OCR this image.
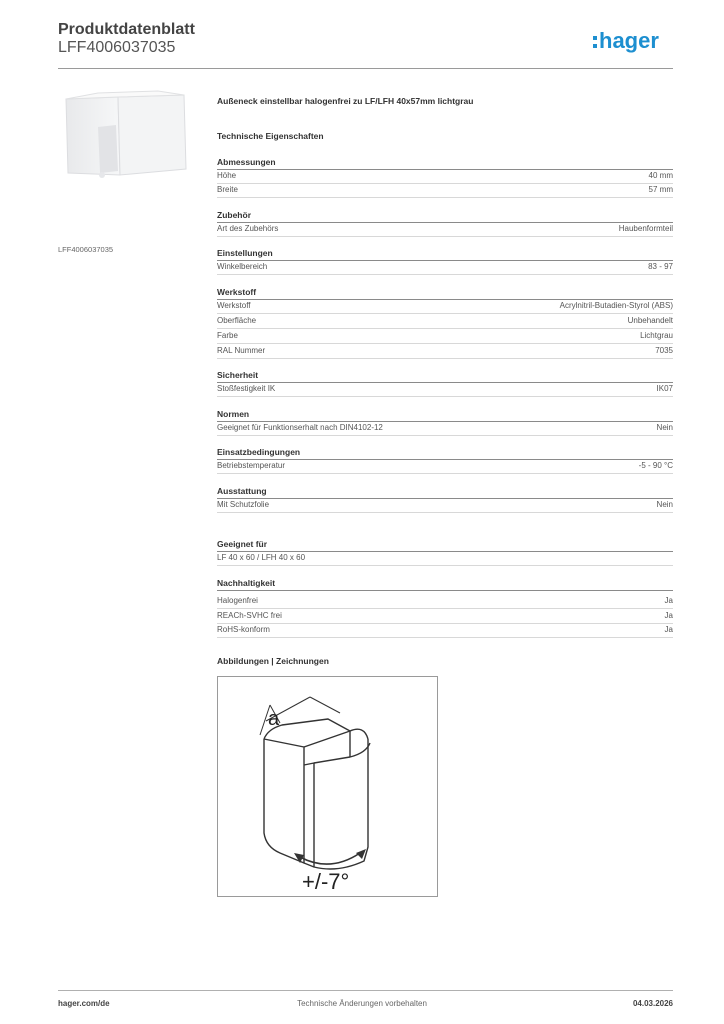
Produktdatenblatt
LFF4006037035	hager
LFF4006037035
Außeneck einstellbar halogenfrei zu LF/LFH 40x57mm lichtgrau
Technische Eigenschaften
Abmessungen
Höhe	40 mm
Breite	57 mm
Zubehör
Art des Zubehörs	Haubenformteil
Einstellungen
Winkelbereich	83 - 97
Werkstoff
Werkstoff	Acrylnitril-Butadien-Styrol (ABS)
Oberfläche	Unbehandelt
Farbe	Lichtgrau
RAL Nummer	7035
Sicherheit
Stoßfestigkeit IK	IK07
Normen
Geeignet für Funktionserhalt nach DIN4102-12	Nein
Einsatzbedingungen
Betriebstemperatur	-5 - 90 °C
Ausstattung
Mit Schutzfolie	Nein
Geeignet für
LF 40 x 60 / LFH 40 x 60
Nachhaltigkeit
Halogenfrei	Ja
REACh-SVHC frei	Ja
RoHS-konform	Ja
Abbildungen | Zeichnungen
a
+/-7°
hager.com/de	Technische Änderungen vorbehalten	04.03.2026
